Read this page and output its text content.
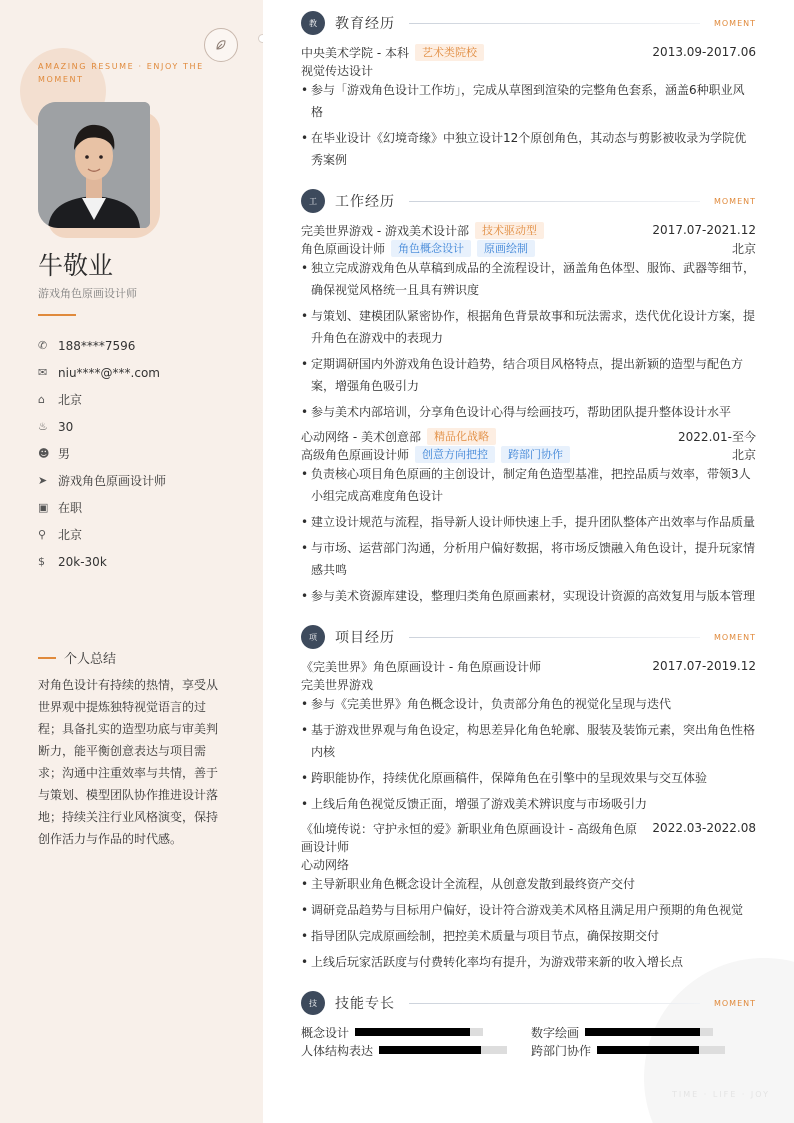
AMAZING RESUME · ENJOY THE MOMENT
牛敬业
游戏角色原画设计师
✆ 188****7596
✉ niu****@***.com
⌂	北京
♨ 30
☻ 男
➤ 游戏角色原画设计师
▣ 在职
⚲ 北京
$	20k-30k
个人总结
对角色设计有持续的热情，享受从世界观中提炼独特视觉语言的过程；具备扎实的造型功底与审美判断力，能平衡创意表达与项目需求；沟通中注重效率与共情，善于与策划、模型团队协作推进设计落地；持续关注行业风格演变，保持创作活力与作品的时代感。
教	教育经历	MOMENT
中央美术学院 - 本科	艺术类院校	2013.09-2017.06
视觉传达设计
• 参与「游戏角色设计工作坊」，完成从草图到渲染的完整角色套系，涵盖6种职业风格
• 在毕业设计《幻境奇缘》中独立设计12个原创角色，其动态与剪影被收录为学院优秀案例
工	工作经历	MOMENT
完美世界游戏 - 游戏美术设计部	技术驱动型	2017.07-2021.12
角色原画设计师	角色概念设计	原画绘制	北京
• 独立完成游戏角色从草稿到成品的全流程设计，涵盖角色体型、服饰、武器等细节，确保视觉风格统一且具有辨识度
• 与策划、建模团队紧密协作，根据角色背景故事和玩法需求，迭代优化设计方案，提升角色在游戏中的表现力
• 定期调研国内外游戏角色设计趋势，结合项目风格特点，提出新颖的造型与配色方案，增强角色吸引力
• 参与美术内部培训，分享角色设计心得与绘画技巧，帮助团队提升整体设计水平
心动网络 - 美术创意部	精品化战略	2022.01-至今
高级角色原画设计师	创意方向把控	跨部门协作	北京
• 负责核心项目角色原画的主创设计，制定角色造型基准，把控品质与效率，带领3人小组完成高难度角色设计
• 建立设计规范与流程，指导新人设计师快速上手，提升团队整体产出效率与作品质量
• 与市场、运营部门沟通，分析用户偏好数据，将市场反馈融入角色设计，提升玩家情感共鸣
• 参与美术资源库建设，整理归类角色原画素材，实现设计资源的高效复用与版本管理
项	项目经历	MOMENT
《完美世界》角色原画设计 - 角色原画设计师	2017.07-2019.12
完美世界游戏
• 参与《完美世界》角色概念设计，负责部分角色的视觉化呈现与迭代
• 基于游戏世界观与角色设定，构思差异化角色轮廓、服装及装饰元素，突出角色性格内核
• 跨职能协作，持续优化原画稿件，保障角色在引擎中的呈现效果与交互体验
• 上线后角色视觉反馈正面，增强了游戏美术辨识度与市场吸引力
《仙境传说：守护永恒的爱》新职业角色原画设计 - 高级角色原 2022.03-2022.08
画设计师
心动网络
• 主导新职业角色概念设计全流程，从创意发散到最终资产交付
• 调研竞品趋势与目标用户偏好，设计符合游戏美术风格且满足用户预期的角色视觉
• 指导团队完成原画绘制，把控美术质量与项目节点，确保按期交付
• 上线后玩家活跃度与付费转化率均有提升，为游戏带来新的收入增长点
TIME · LIFE · JOY
技	技能专长	MOMENT
概念设计	数字绘画
人体结构表达	跨部门协作
